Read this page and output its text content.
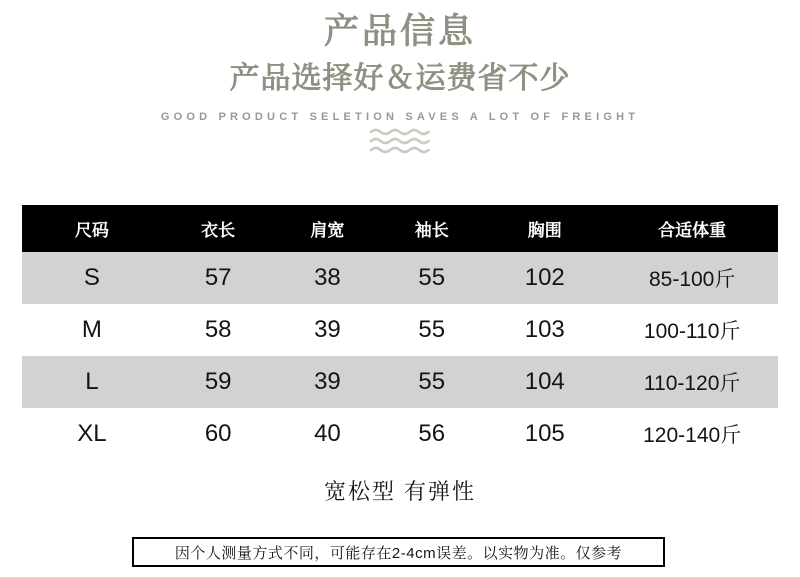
产品信息
产品选择好＆运费省不少
GOOD PRODUCT SELETION SAVES A LOT OF FREIGHT
尺码	衣长	肩宽	袖长	胸围	合适体重
S	57	38	55	102	85-100斤
M	58	39	55	103	100-110斤
L	59	39	55	104	110-120斤
XL	60	40	56	105	120-140斤
宽松型 有弹性
因个人测量方式不同，可能存在2-4cm误差。以实物为准。仅参考
